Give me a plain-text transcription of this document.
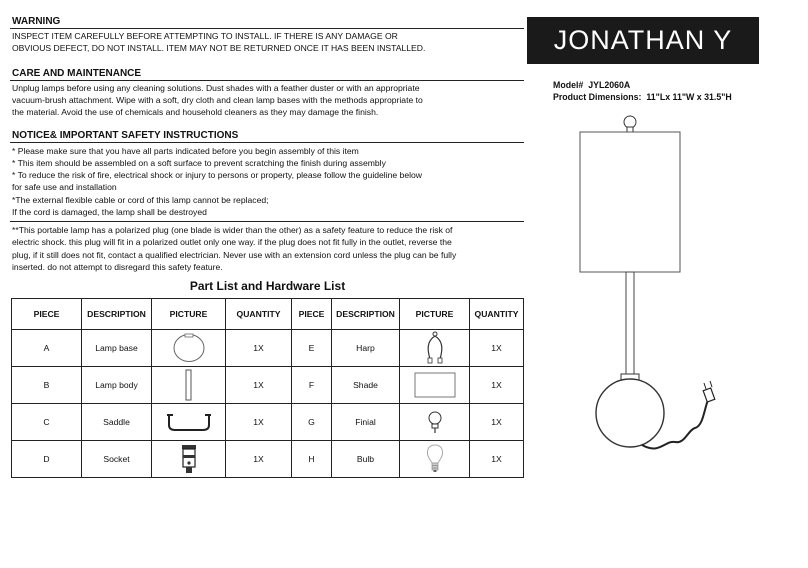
WARNING
INSPECT ITEM CAREFULLY BEFORE ATTEMPTING TO INSTALL. IF THERE IS ANY DAMAGE OR
OBVIOUS DEFECT, DO NOT INSTALL. ITEM MAY NOT BE RETURNED ONCE IT HAS BEEN INSTALLED.
CARE AND MAINTENANCE
Unplug lamps before using any cleaning solutions. Dust shades with a feather duster or with an appropriate
vacuum-brush attachment. Wipe with a soft, dry cloth and clean lamp bases with the methods appropriate to
the material. Avoid the use of chemicals and household cleaners as they may damage the finish.
NOTICE& IMPORTANT SAFETY INSTRUCTIONS
* Please make sure that you have all parts indicated before you begin assembly of this item
* This item should be assembled on a soft surface to prevent scratching the finish during assembly
* To reduce the risk of fire, electrical shock or injury to persons or property, please follow the guideline below
for safe use and installation
*The external flexible cable or cord of this lamp cannot be replaced;
If the cord is damaged, the lamp shall be destroyed
**This portable lamp has a polarized plug (one blade is wider than the other) as a safety feature to reduce the risk of
electric shock. this plug will fit in a polarized outlet only one way. if the plug does not fit fully in the outlet, reverse the
plug, if it still does not fit, contact a qualified electrician. Never use with an extension cord unless the plug can be fully
inserted. do not attempt to disregard this safety feature.
JONATHAN Y
Model# JYL2060A
Product Dimensions: 11"Lx 11"W x 31.5"H
Part List and Hardware List
PIECE	DESCRIPTION	PICTURE	QUANTITY	PIECE	DESCRIPTION	PICTURE	QUANTITY
A	Lamp base		1X	E	Harp		1X
B	Lamp body		1X	F	Shade		1X
C	Saddle		1X	G	Finial		1X
D	Socket		1X	H	Bulb		1X
